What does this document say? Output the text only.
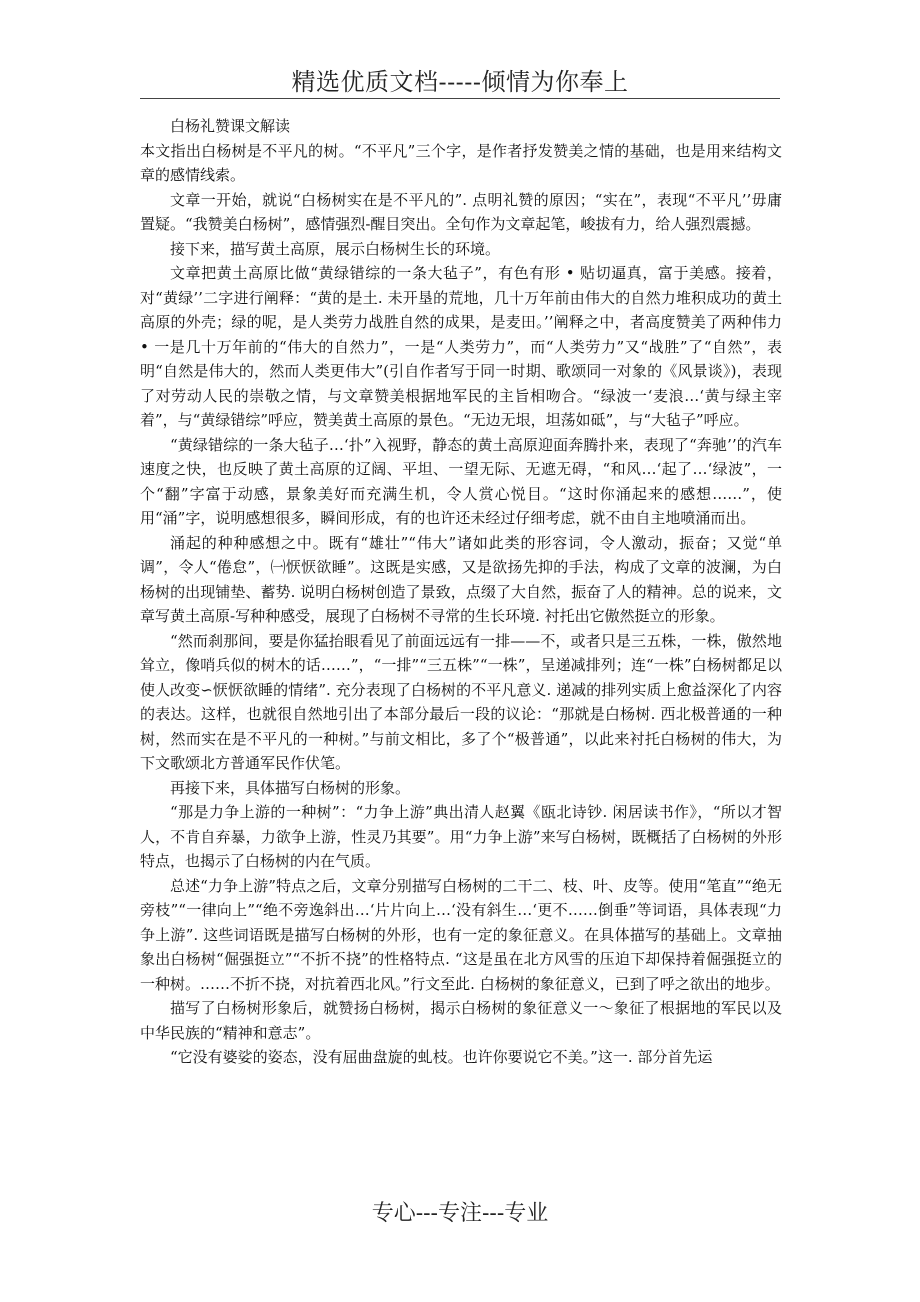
精选优质文档-----倾情为你奉上

白杨礼赞课文解读

本文指出白杨树是不平凡的树。“不平凡”三个字，是作者抒发赞美之情的基础，也是用来结构文章的感情线索。

文章一开始，就说“白杨树实在是不平凡的”. 点明礼赞的原因；“实在”，表现“不平凡’’毋庸置疑。“我赞美白杨树”，感情强烈-醒目突出。全句作为文章起笔，峻拔有力，给人强烈震撼。

接下来，描写黄土高原，展示白杨树生长的环境。

文章把黄土高原比做“黄绿错综的一条大毡子”，有色有形 • 贴切逼真，富于美感。接着，对“黄绿’’二字进行阐释：“黄的是土. 未开垦的荒地，几十万年前由伟大的自然力堆积成功的黄土高原的外壳；绿的呢，是人类劳力战胜自然的成果，是麦田。’’阐释之中，者高度赞美了两种伟力 • 一是几十万年前的“伟大的自然力”，一是“人类劳力”，而“人类劳力”又“战胜”了“自然”，表明“自然是伟大的，然而人类更伟大”(引自作者写于同一时期、歌颂同一对象的《风景谈》)，表现了对劳动人民的崇敬之情，与文章赞美根据地军民的主旨相吻合。“绿波一‘麦浪…‘黄与绿主宰着”，与“黄绿错综”呼应，赞美黄土高原的景色。“无边无垠，坦荡如砥”，与“大毡子”呼应。

“黄绿错综的一条大毡子…‘扑”入视野，静态的黄土高原迎面奔腾扑来，表现了“奔驰’’的汽车速度之快，也反映了黄土高原的辽阔、平坦、一望无际、无遮无碍，“和风…‘起了…‘绿波”，一个“翻”字富于动感，景象美好而充满生机，令人赏心悦目。“这时你涌起来的感想……”，使用“涌”字，说明感想很多，瞬间形成，有的也许还未经过仔细考虑，就不由自主地喷涌而出。

涌起的种种感想之中。既有“雄壮”“伟大”诸如此类的形容词，令人激动，振奋；又觉“单调”，令人“倦怠”，㈠恹恹欲睡”。这既是实感，又是欲扬先抑的手法，构成了文章的波澜，为白杨树的出现铺垫、蓄势. 说明白杨树创造了景致，点缀了大自然，振奋了人的精神。总的说来，文章写黄土高原-写种种感受，展现了白杨树不寻常的生长环境. 衬托出它傲然挺立的形象。

“然而刹那间，要是你猛抬眼看见了前面远远有一排——不，或者只是三五株，一株，傲然地耸立，像哨兵似的树木的话……”，“一排”“三五株”“一株”，呈递减排列；连“一株”白杨树都足以使人改变∽恹恹欲睡的情绪”. 充分表现了白杨树的不平凡意义. 递减的排列实质上愈益深化了内容的表达。这样，也就很自然地引出了本部分最后一段的议论：“那就是白杨树. 西北极普通的一种树，然而实在是不平凡的一种树。”与前文相比，多了个“极普通”，以此来衬托白杨树的伟大，为下文歌颂北方普通军民作伏笔。

再接下来，具体描写白杨树的形象。

“那是力争上游的一种树”：“力争上游”典出清人赵翼《瓯北诗钞. 闲居读书作》，“所以才智人，不肯自弃暴，力欲争上游，性灵乃其要”。用“力争上游”来写白杨树，既概括了白杨树的外形特点，也揭示了白杨树的内在气质。

总述“力争上游”特点之后，文章分别描写白杨树的二干二、枝、叶、皮等。使用“笔直”“绝无旁枝”“一律向上”“绝不旁逸斜出…‘片片向上…‘没有斜生…‘更不……倒垂”等词语，具体表现“力争上游”. 这些词语既是描写白杨树的外形，也有一定的象征意义。在具体描写的基础上。文章抽象出白杨树“倔强挺立”“不折不挠”的性格特点. “这是虽在北方风雪的压迫下却保持着倔强挺立的一种树。……不折不挠，对抗着西北风。”行文至此. 白杨树的象征意义，已到了呼之欲出的地步。

描写了白杨树形象后，就赞扬白杨树，揭示白杨树的象征意义一～象征了根据地的军民以及中华民族的“精神和意志”。

“它没有婆娑的姿态，没有屈曲盘旋的虬枝。也许你要说它不美。”这一. 部分首先运

专心---专注---专业
